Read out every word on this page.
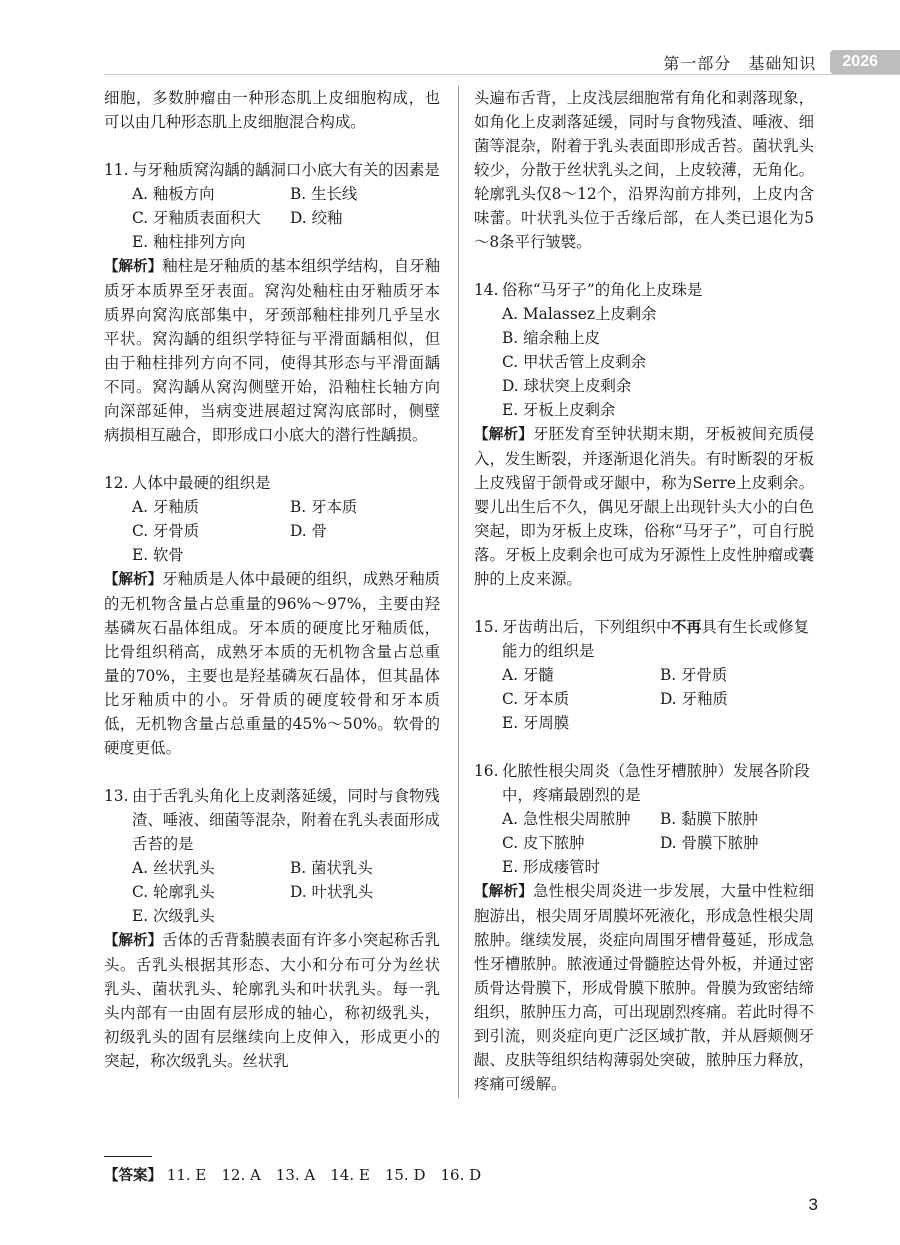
第一部分　基础知识	2026

细胞，多数肿瘤由一种形态肌上皮细胞构成，也可以由几种形态肌上皮细胞混合构成。

11. 与牙釉质窝沟龋的龋洞口小底大有关的因素是
A. 釉板方向	B. 生长线
C. 牙釉质表面积大	D. 绞釉
E. 釉柱排列方向

【解析】釉柱是牙釉质的基本组织学结构，自牙釉质牙本质界至牙表面。窝沟处釉柱由牙釉质牙本质界向窝沟底部集中，牙颈部釉柱排列几乎呈水平状。窝沟龋的组织学特征与平滑面龋相似，但由于釉柱排列方向不同，使得其形态与平滑面龋不同。窝沟龋从窝沟侧壁开始，沿釉柱长轴方向向深部延伸，当病变进展超过窝沟底部时，侧壁病损相互融合，即形成口小底大的潜行性龋损。

12. 人体中最硬的组织是
A. 牙釉质	B. 牙本质
C. 牙骨质	D. 骨
E. 软骨

【解析】牙釉质是人体中最硬的组织，成熟牙釉质的无机物含量占总重量的96%～97%，主要由羟基磷灰石晶体组成。牙本质的硬度比牙釉质低，比骨组织稍高，成熟牙本质的无机物含量占总重量的70%，主要也是羟基磷灰石晶体，但其晶体比牙釉质中的小。牙骨质的硬度较骨和牙本质低，无机物含量占总重量的45%～50%。软骨的硬度更低。

13. 由于舌乳头角化上皮剥落延缓，同时与食物残渣、唾液、细菌等混杂，附着在乳头表面形成舌苔的是
A. 丝状乳头	B. 菌状乳头
C. 轮廓乳头	D. 叶状乳头
E. 次级乳头

【解析】舌体的舌背黏膜表面有许多小突起称舌乳头。舌乳头根据其形态、大小和分布可分为丝状乳头、菌状乳头、轮廓乳头和叶状乳头。每一乳头内部有一由固有层形成的轴心，称初级乳头，初级乳头的固有层继续向上皮伸入，形成更小的突起，称次级乳头。丝状乳

头遍布舌背，上皮浅层细胞常有角化和剥落现象，如角化上皮剥落延缓，同时与食物残渣、唾液、细菌等混杂，附着于乳头表面即形成舌苔。菌状乳头较少，分散于丝状乳头之间，上皮较薄，无角化。轮廓乳头仅8～12个，沿界沟前方排列，上皮内含味蕾。叶状乳头位于舌缘后部，在人类已退化为5～8条平行皱襞。

14. 俗称“马牙子”的角化上皮珠是
A. Malassez上皮剩余
B. 缩余釉上皮
C. 甲状舌管上皮剩余
D. 球状突上皮剩余
E. 牙板上皮剩余

【解析】牙胚发育至钟状期末期，牙板被间充质侵入，发生断裂，并逐渐退化消失。有时断裂的牙板上皮残留于颌骨或牙龈中，称为Serre上皮剩余。婴儿出生后不久，偶见牙龈上出现针头大小的白色突起，即为牙板上皮珠，俗称“马牙子”，可自行脱落。牙板上皮剩余也可成为牙源性上皮性肿瘤或囊肿的上皮来源。

15. 牙齿萌出后，下列组织中不再具有生长或修复能力的组织是
A. 牙髓	B. 牙骨质
C. 牙本质	D. 牙釉质
E. 牙周膜
16. 化脓性根尖周炎（急性牙槽脓肿）发展各阶段中，疼痛最剧烈的是
A. 急性根尖周脓肿	B. 黏膜下脓肿
C. 皮下脓肿	D. 骨膜下脓肿
E. 形成瘘管时

【解析】急性根尖周炎进一步发展，大量中性粒细胞游出，根尖周牙周膜坏死液化，形成急性根尖周脓肿。继续发展，炎症向周围牙槽骨蔓延，形成急性牙槽脓肿。脓液通过骨髓腔达骨外板，并通过密质骨达骨膜下，形成骨膜下脓肿。骨膜为致密结缔组织，脓肿压力高，可出现剧烈疼痛。若此时得不到引流，则炎症向更广泛区域扩散，并从唇颊侧牙龈、皮肤等组织结构薄弱处突破，脓肿压力释放，疼痛可缓解。

【答案】 11. E　12. A　13. A　14. E　15. D　16. D
3
